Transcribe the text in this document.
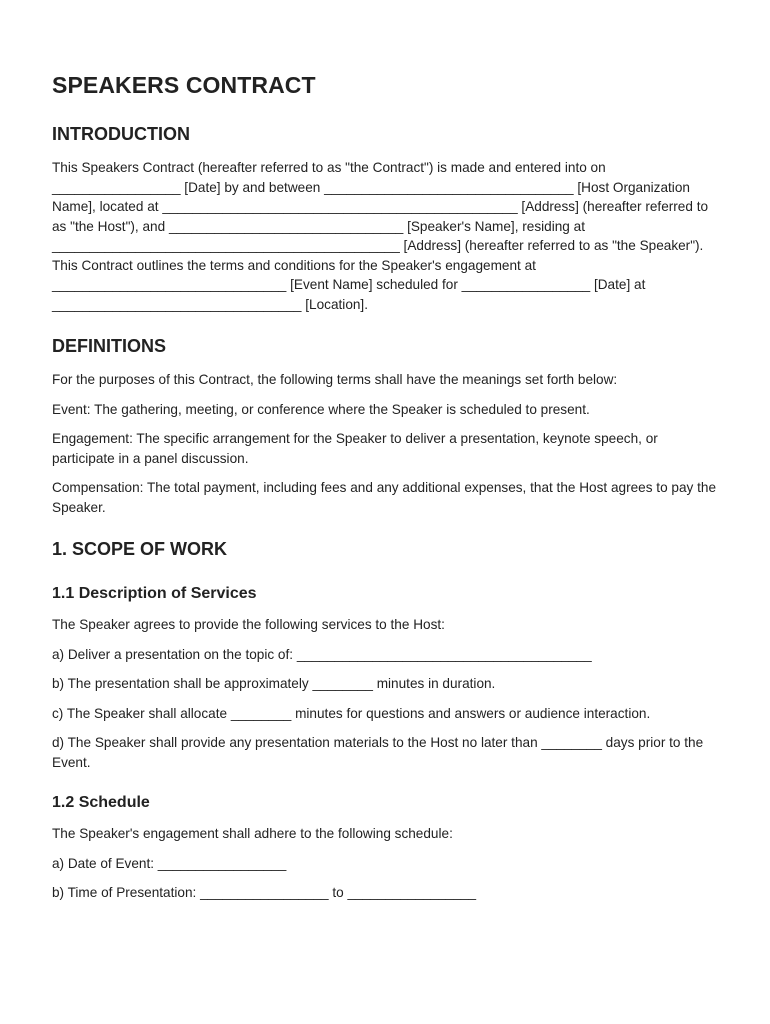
SPEAKERS CONTRACT
INTRODUCTION

This Speakers Contract (hereafter referred to as "the Contract") is made and entered into on _________________ [Date] by and between _________________________________ [Host Organization Name], located at _______________________________________________ [Address] (hereafter referred to as "the Host"), and _______________________________ [Speaker's Name], residing at ______________________________________________ [Address] (hereafter referred to as "the Speaker"). This Contract outlines the terms and conditions for the Speaker's engagement at _______________________________ [Event Name] scheduled for _________________ [Date] at _________________________________ [Location].

DEFINITIONS

For the purposes of this Contract, the following terms shall have the meanings set forth below:

Event: The gathering, meeting, or conference where the Speaker is scheduled to present.

Engagement: The specific arrangement for the Speaker to deliver a presentation, keynote speech, or participate in a panel discussion.

Compensation: The total payment, including fees and any additional expenses, that the Host agrees to pay the Speaker.

1. SCOPE OF WORK
1.1 Description of Services

The Speaker agrees to provide the following services to the Host:

a) Deliver a presentation on the topic of: _______________________________________

b) The presentation shall be approximately ________ minutes in duration.

c) The Speaker shall allocate ________ minutes for questions and answers or audience interaction.

d) The Speaker shall provide any presentation materials to the Host no later than ________ days prior to the Event.

1.2 Schedule

The Speaker's engagement shall adhere to the following schedule:

a) Date of Event: _________________

b) Time of Presentation: _________________ to _________________
